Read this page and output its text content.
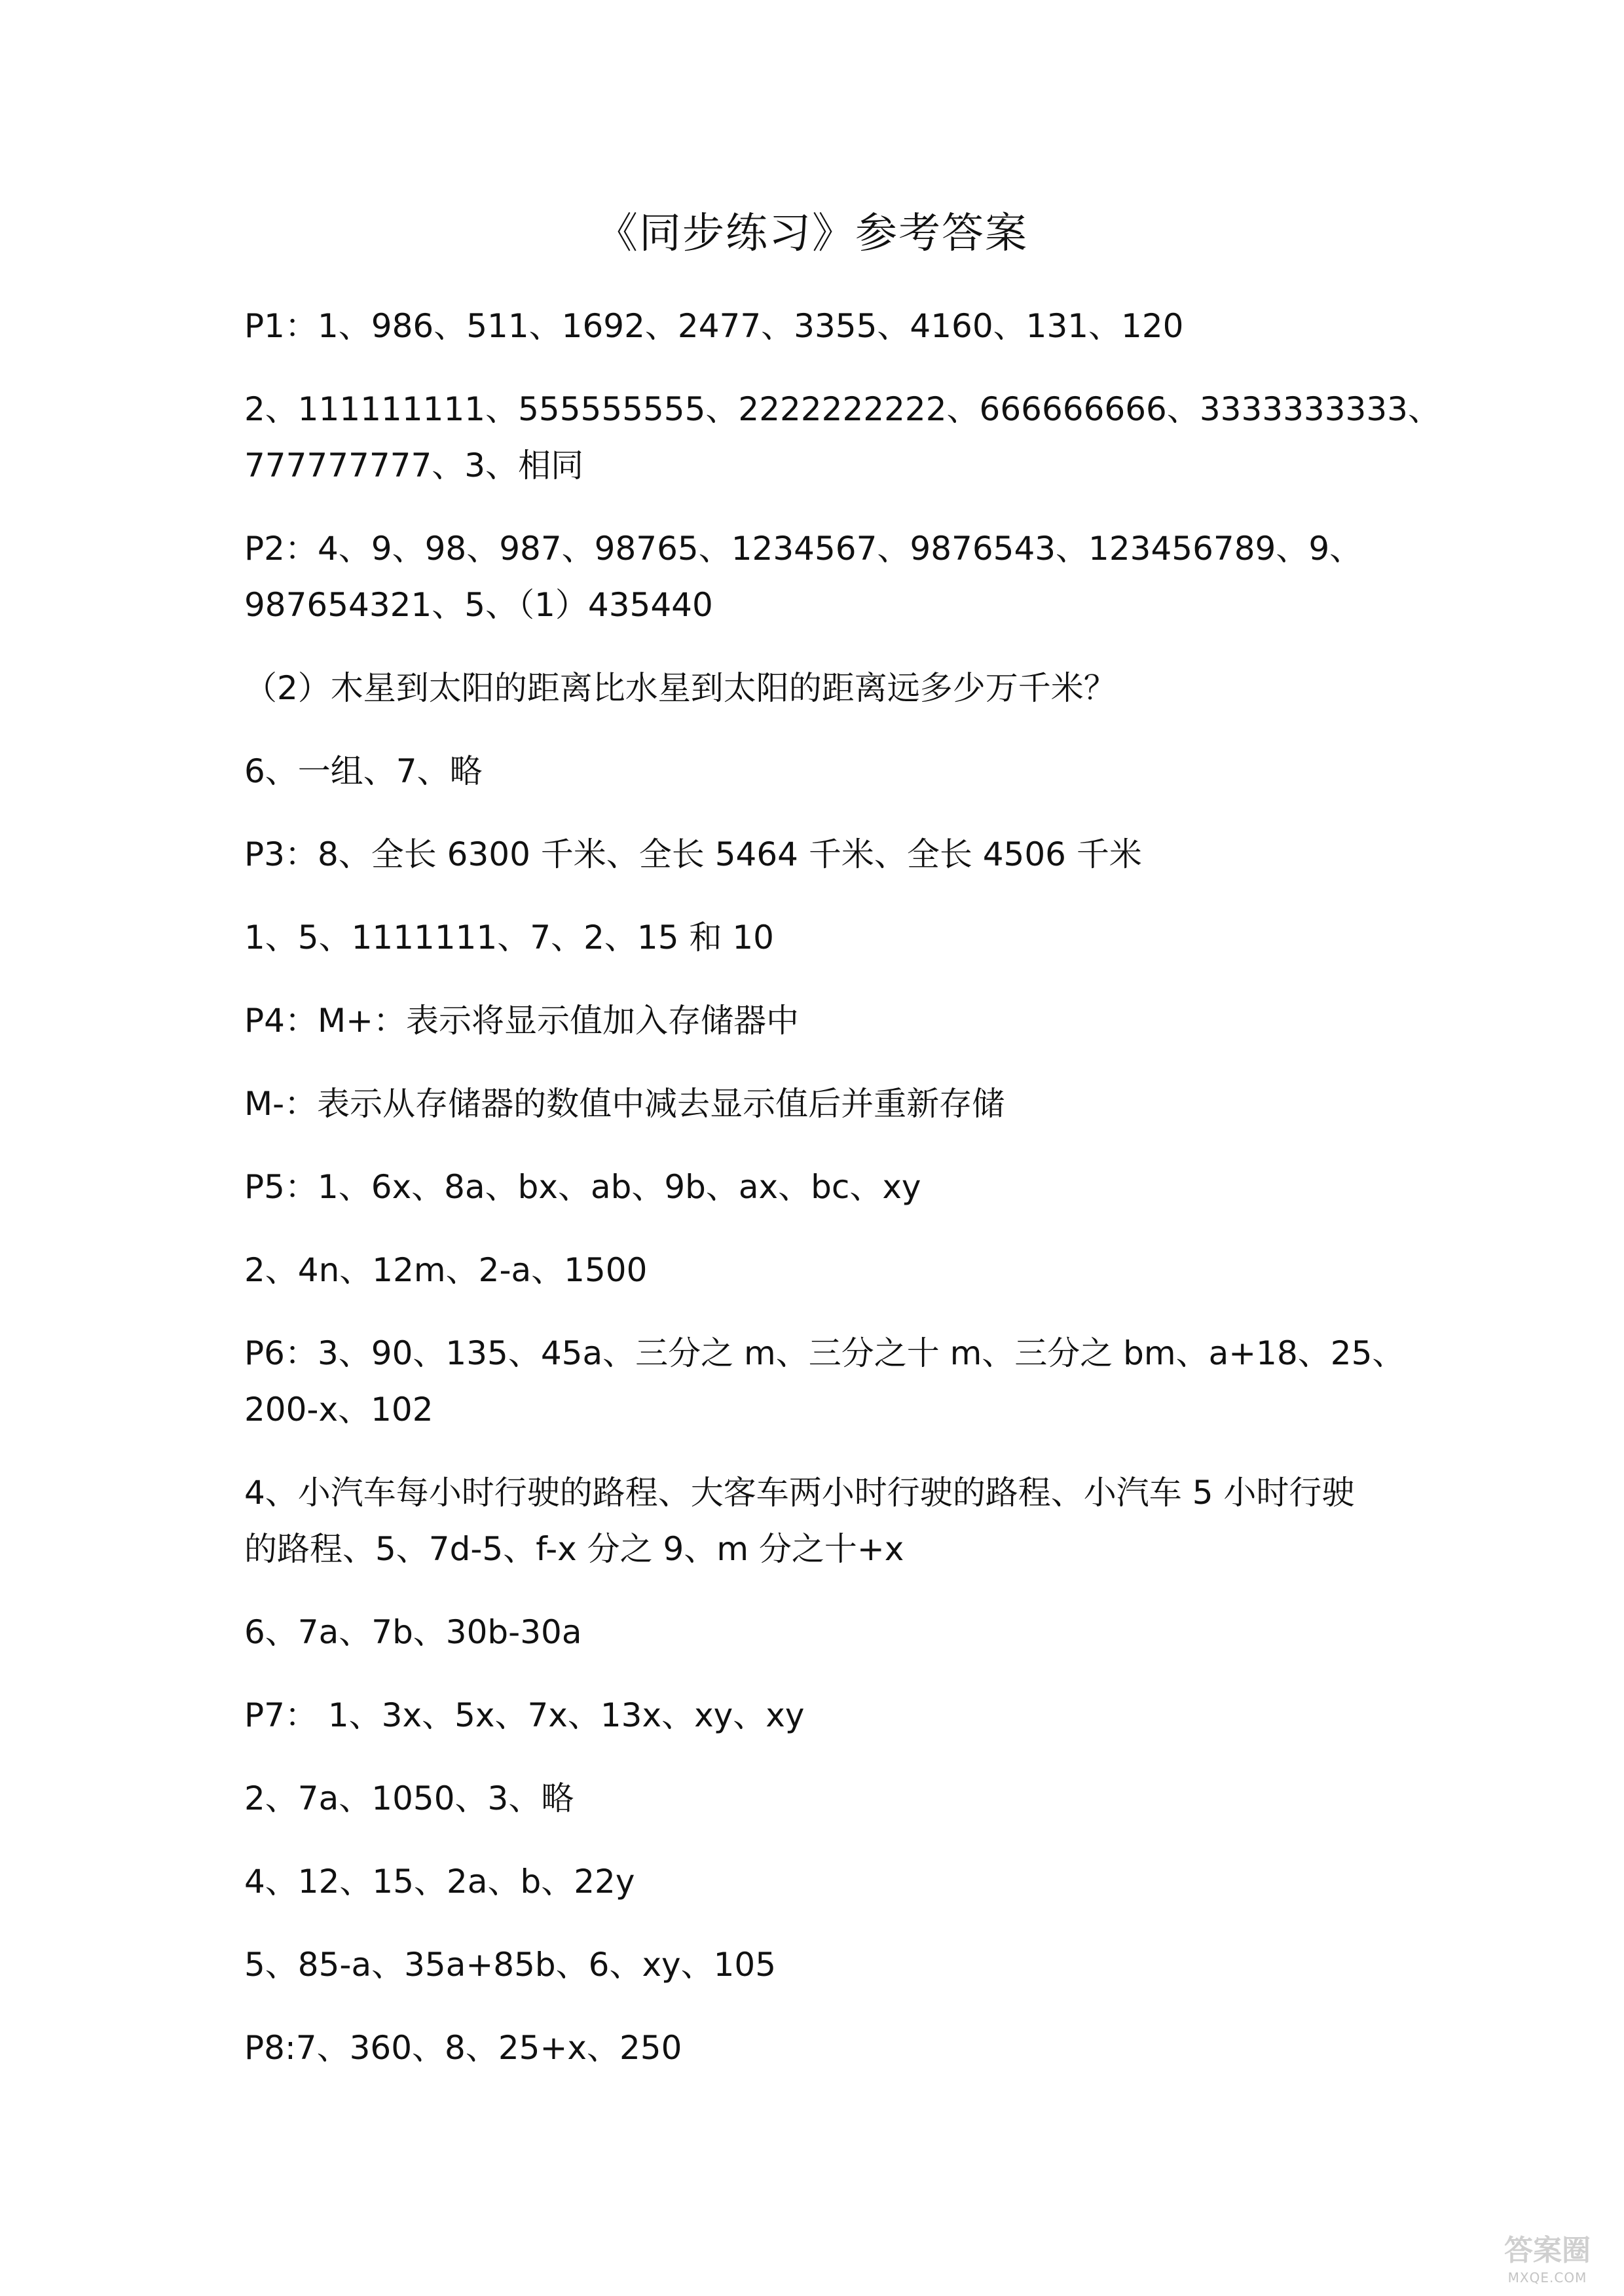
《同步练习》参考答案
P1：1、986、511、1692、2477、3355、4160、131、120
2、111111111、555555555、2222222222、666666666、3333333333、
777777777、3、相同
P2：4、9、98、987、98765、1234567、9876543、123456789、9、
987654321、5、（1）435440
（2）木星到太阳的距离比水星到太阳的距离远多少万千米？
6、一组、7、略
P3：8、全长 6300 千米、全长 5464 千米、全长 4506 千米
1、5、1111111、7、2、15 和 10
P4：M+：表示将显示值加入存储器中
M-：表示从存储器的数值中减去显示值后并重新存储
P5：1、6x、8a、bx、ab、9b、ax、bc、xy
2、4n、12m、2-a、1500
P6：3、90、135、45a、三分之 m、三分之十 m、三分之 bm、a+18、25、
200-x、102
4、小汽车每小时行驶的路程、大客车两小时行驶的路程、小汽车 5 小时行驶
的路程、5、7d-5、f-x 分之 9、m 分之十+x
6、7a、7b、30b-30a
P7： 1、3x、5x、7x、13x、xy、xy
2、7a、1050、3、略
4、12、15、2a、b、22y
5、85-a、35a+85b、6、xy、105
P8:7、360、8、25+x、250
答案圈
MXQE.COM
